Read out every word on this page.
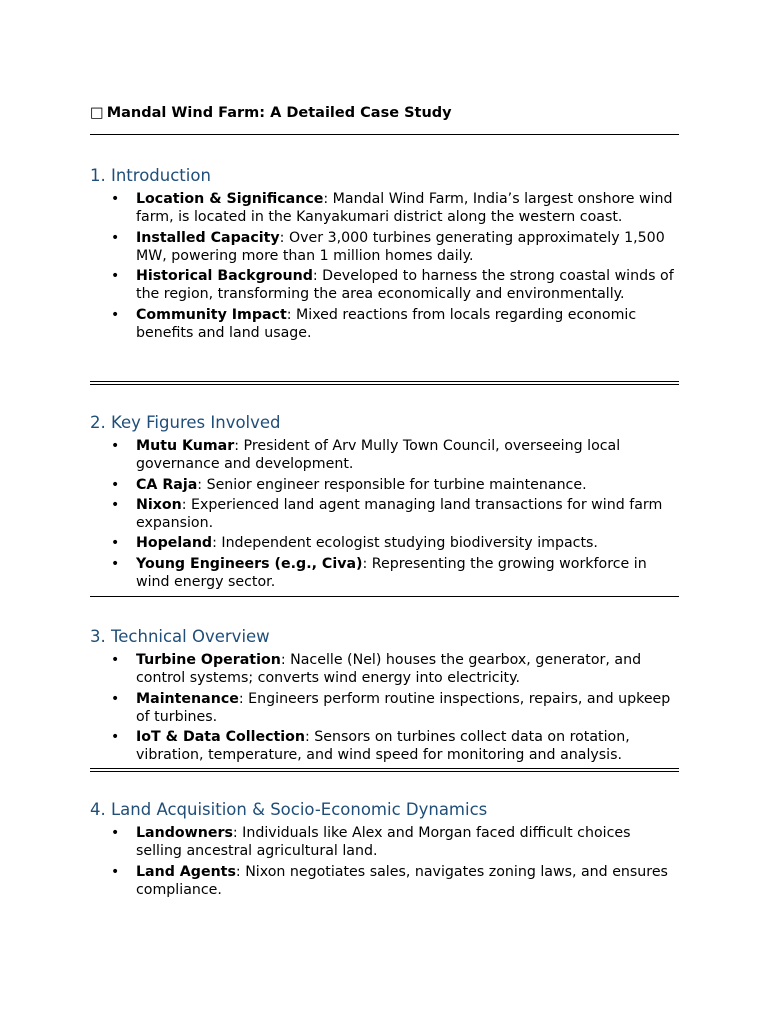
□ Mandal Wind Farm: A Detailed Case Study
1. Introduction
• Location & Significance: Mandal Wind Farm, India’s largest onshore wind farm, is located in the Kanyakumari district along the western coast.
• Installed Capacity: Over 3,000 turbines generating approximately 1,500 MW, powering more than 1 million homes daily.
• Historical Background: Developed to harness the strong coastal winds of the region, transforming the area economically and environmentally.
• Community Impact: Mixed reactions from locals regarding economic benefits and land usage.
2. Key Figures Involved
• Mutu Kumar: President of Arv Mully Town Council, overseeing local governance and development.
• CA Raja: Senior engineer responsible for turbine maintenance.
• Nixon: Experienced land agent managing land transactions for wind farm expansion.
• Hopeland: Independent ecologist studying biodiversity impacts.
• Young Engineers (e.g., Civa): Representing the growing workforce in wind energy sector.
3. Technical Overview
• Turbine Operation: Nacelle (Nel) houses the gearbox, generator, and control systems; converts wind energy into electricity.
• Maintenance: Engineers perform routine inspections, repairs, and upkeep of turbines.
• IoT & Data Collection: Sensors on turbines collect data on rotation, vibration, temperature, and wind speed for monitoring and analysis.
4. Land Acquisition & Socio-Economic Dynamics
• Landowners: Individuals like Alex and Morgan faced difficult choices selling ancestral agricultural land.
• Land Agents: Nixon negotiates sales, navigates zoning laws, and ensures compliance.
